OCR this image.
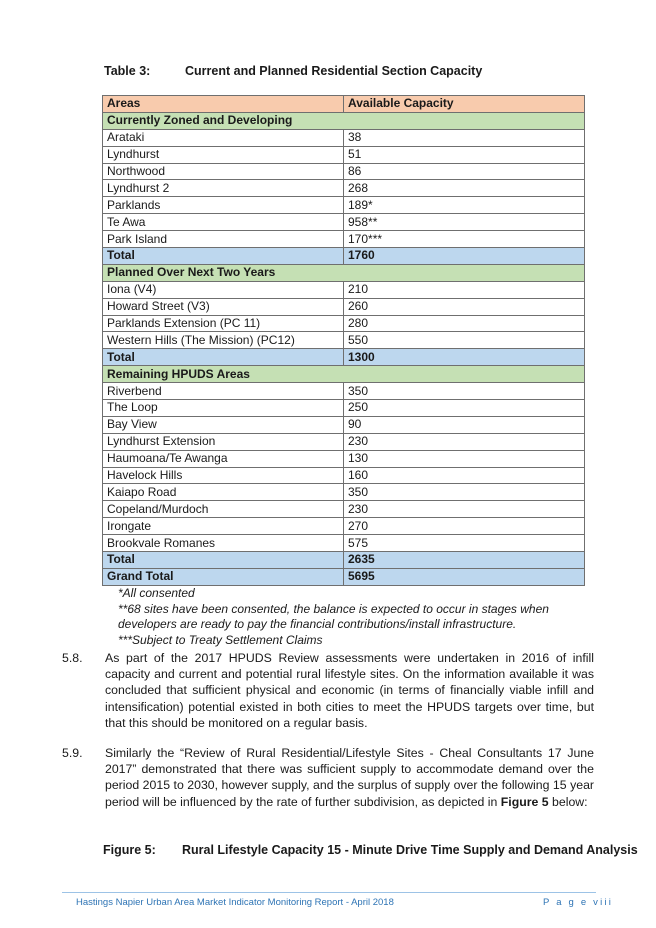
Table 3:	Current and Planned Residential Section Capacity
Areas	Available Capacity
Currently Zoned and Developing	
Arataki	38
Lyndhurst	51
Northwood	86
Lyndhurst 2	268
Parklands	189*
Te Awa	958**
Park Island	170***
Total	1760
Planned Over Next Two Years	
Iona (V4)	210
Howard Street (V3)	260
Parklands Extension (PC 11)	280
Western Hills (The Mission) (PC12)	550
Total	1300
Remaining HPUDS Areas	
Riverbend	350
The Loop	250
Bay View	90
Lyndhurst Extension	230
Haumoana/Te Awanga	130
Havelock Hills	160
Kaiapo Road	350
Copeland/Murdoch	230
Irongate	270
Brookvale Romanes	575
Total	2635
Grand Total	5695
*All consented
**68 sites have been consented, the balance is expected to occur in stages when developers are ready to pay the financial contributions/install infrastructure.
***Subject to Treaty Settlement Claims
5.8. As part of the 2017 HPUDS Review assessments were undertaken in 2016 of infill capacity and current and potential rural lifestyle sites. On the information available it was concluded that sufficient physical and economic (in terms of financially viable infill and intensification) potential existed in both cities to meet the HPUDS targets over time, but that this should be monitored on a regular basis.
5.9. Similarly the “Review of Rural Residential/Lifestyle Sites - Cheal Consultants 17 June 2017” demonstrated that there was sufficient supply to accommodate demand over the period 2015 to 2030, however supply, and the surplus of supply over the following 15 year period will be influenced by the rate of further subdivision, as depicted in Figure 5 below:
Figure 5: Rural Lifestyle Capacity 15 - Minute Drive Time Supply and Demand Analysis
Hastings Napier Urban Area Market Indicator Monitoring Report - April 2018	P a g e viii
